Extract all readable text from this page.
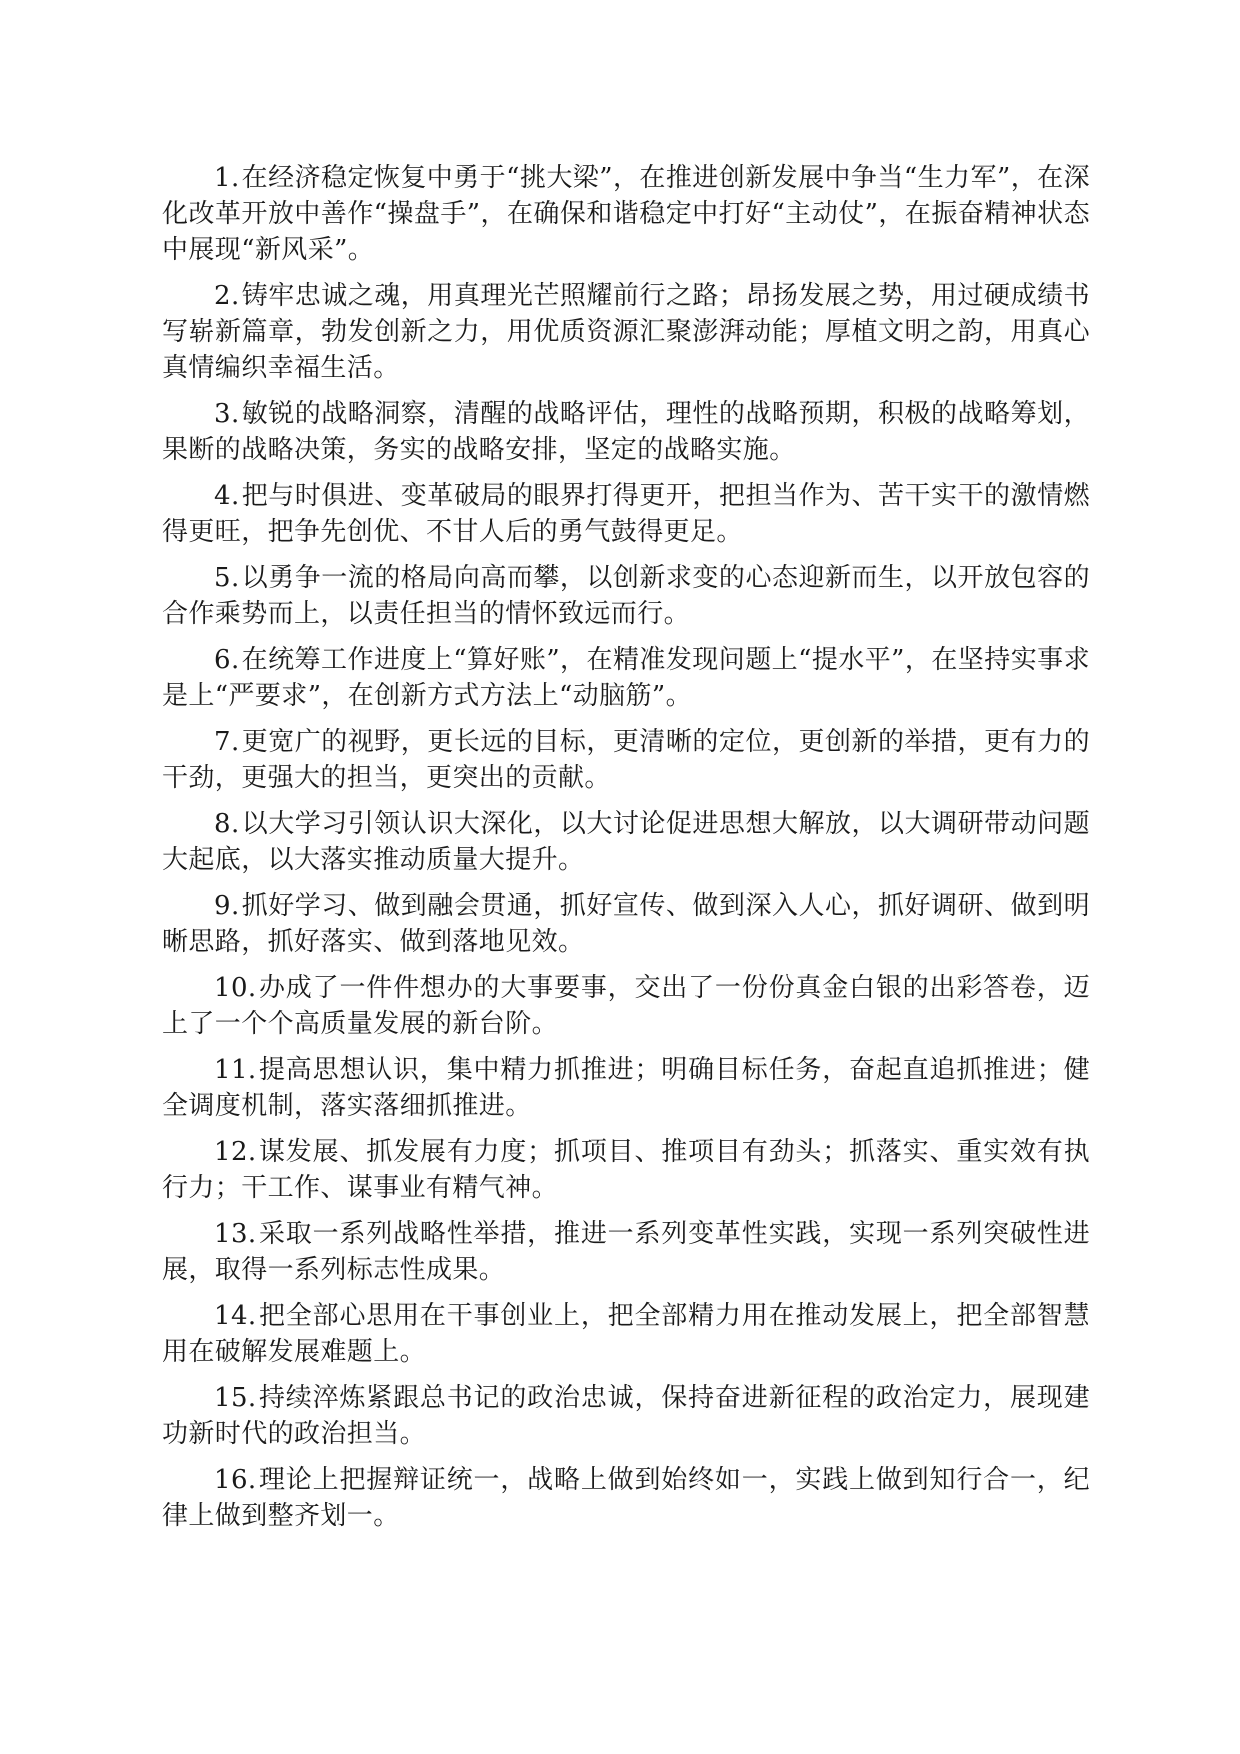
1.在经济稳定恢复中勇于“挑大梁”，在推进创新发展中争当“生力军”，在深化改革开放中善作“操盘手”，在确保和谐稳定中打好“主动仗”，在振奋精神状态中展现“新风采”。

2.铸牢忠诚之魂，用真理光芒照耀前行之路；昂扬发展之势，用过硬成绩书写崭新篇章，勃发创新之力，用优质资源汇聚澎湃动能；厚植文明之韵，用真心真情编织幸福生活。

3.敏锐的战略洞察，清醒的战略评估，理性的战略预期，积极的战略筹划，果断的战略决策，务实的战略安排，坚定的战略实施。

4.把与时俱进、变革破局的眼界打得更开，把担当作为、苦干实干的激情燃得更旺，把争先创优、不甘人后的勇气鼓得更足。

5.以勇争一流的格局向高而攀，以创新求变的心态迎新而生，以开放包容的合作乘势而上，以责任担当的情怀致远而行。

6.在统筹工作进度上“算好账”，在精准发现问题上“提水平”，在坚持实事求是上“严要求”，在创新方式方法上“动脑筋”。

7.更宽广的视野，更长远的目标，更清晰的定位，更创新的举措，更有力的干劲，更强大的担当，更突出的贡献。

8.以大学习引领认识大深化，以大讨论促进思想大解放，以大调研带动问题大起底，以大落实推动质量大提升。

9.抓好学习、做到融会贯通，抓好宣传、做到深入人心，抓好调研、做到明晰思路，抓好落实、做到落地见效。

10.办成了一件件想办的大事要事，交出了一份份真金白银的出彩答卷，迈上了一个个高质量发展的新台阶。

11.提高思想认识，集中精力抓推进；明确目标任务，奋起直追抓推进；健全调度机制，落实落细抓推进。

12.谋发展、抓发展有力度；抓项目、推项目有劲头；抓落实、重实效有执行力；干工作、谋事业有精气神。

13.采取一系列战略性举措，推进一系列变革性实践，实现一系列突破性进展，取得一系列标志性成果。

14.把全部心思用在干事创业上，把全部精力用在推动发展上，把全部智慧用在破解发展难题上。

15.持续淬炼紧跟总书记的政治忠诚，保持奋进新征程的政治定力，展现建功新时代的政治担当。

16.理论上把握辩证统一，战略上做到始终如一，实践上做到知行合一，纪律上做到整齐划一。
